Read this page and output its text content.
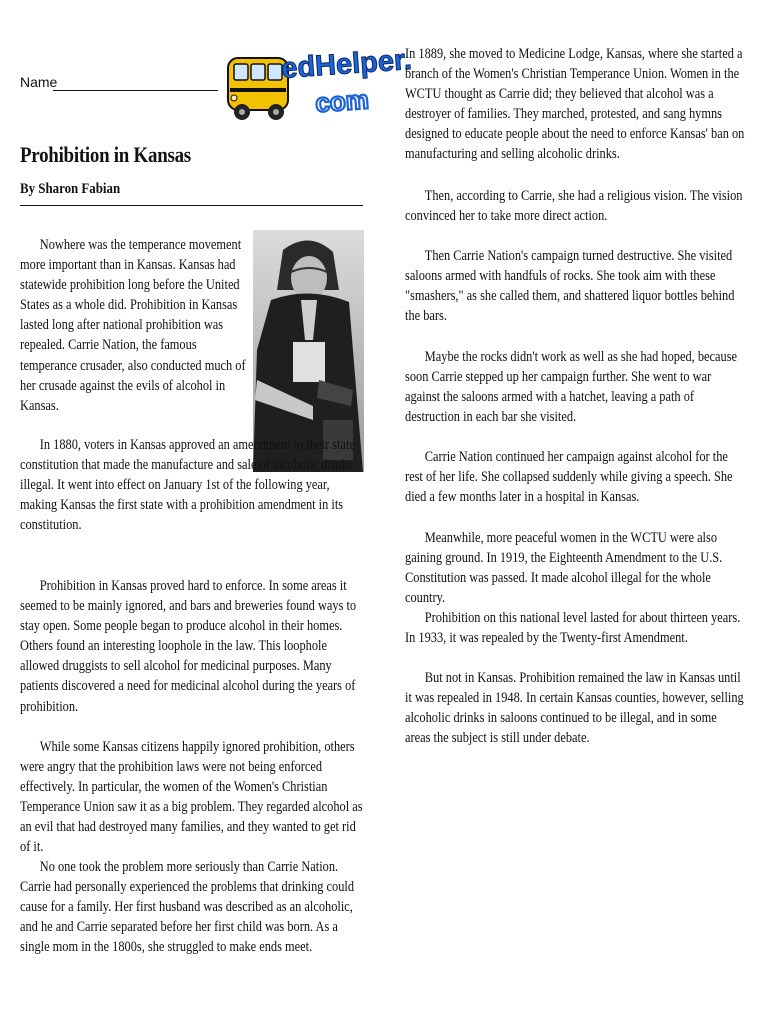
Name	edHelper.
com
Prohibition in Kansas
By Sharon Fabian

Nowhere was the temperance movement more important than in Kansas. Kansas had statewide prohibition long before the United States as a whole did. Prohibition in Kansas lasted long after national prohibition was repealed. Carrie Nation, the famous temperance crusader, also conducted much of her crusade against the evils of alcohol in Kansas.

In 1880, voters in Kansas approved an amendment to their state constitution that made the manufacture and sale of alcoholic drinks illegal. It went into effect on January 1st of the following year, making Kansas the first state with a prohibition amendment in its constitution.

Prohibition in Kansas proved hard to enforce. In some areas it seemed to be mainly ignored, and bars and breweries found ways to stay open. Some people began to produce alcohol in their homes. Others found an interesting loophole in the law. This loophole allowed druggists to sell alcohol for medicinal purposes. Many patients discovered a need for medicinal alcohol during the years of prohibition.

While some Kansas citizens happily ignored prohibition, others were angry that the prohibition laws were not being enforced effectively. In particular, the women of the Women's Christian Temperance Union saw it as a big problem. They regarded alcohol as an evil that had destroyed many families, and they wanted to get rid of it.

No one took the problem more seriously than Carrie Nation. Carrie had personally experienced the problems that drinking could cause for a family. Her first husband was described as an alcoholic, and he and Carrie separated before her first child was born. As a single mom in the 1800s, she struggled to make ends meet.

In 1889, she moved to Medicine Lodge, Kansas, where she started a branch of the Women's Christian Temperance Union. Women in the WCTU thought as Carrie did; they believed that alcohol was a destroyer of families. They marched, protested, and sang hymns designed to educate people about the need to enforce Kansas' ban on manufacturing and selling alcoholic drinks.

Then, according to Carrie, she had a religious vision. The vision convinced her to take more direct action.

Then Carrie Nation's campaign turned destructive. She visited saloons armed with handfuls of rocks. She took aim with these "smashers," as she called them, and shattered liquor bottles behind the bars.

Maybe the rocks didn't work as well as she had hoped, because soon Carrie stepped up her campaign further. She went to war against the saloons armed with a hatchet, leaving a path of destruction in each bar she visited.

Carrie Nation continued her campaign against alcohol for the rest of her life. She collapsed suddenly while giving a speech. She died a few months later in a hospital in Kansas.

Meanwhile, more peaceful women in the WCTU were also gaining ground. In 1919, the Eighteenth Amendment to the U.S. Constitution was passed. It made alcohol illegal for the whole country.

Prohibition on this national level lasted for about thirteen years. In 1933, it was repealed by the Twenty-first Amendment.

But not in Kansas. Prohibition remained the law in Kansas until it was repealed in 1948. In certain Kansas counties, however, selling alcoholic drinks in saloons continued to be illegal, and in some areas the subject is still under debate.
